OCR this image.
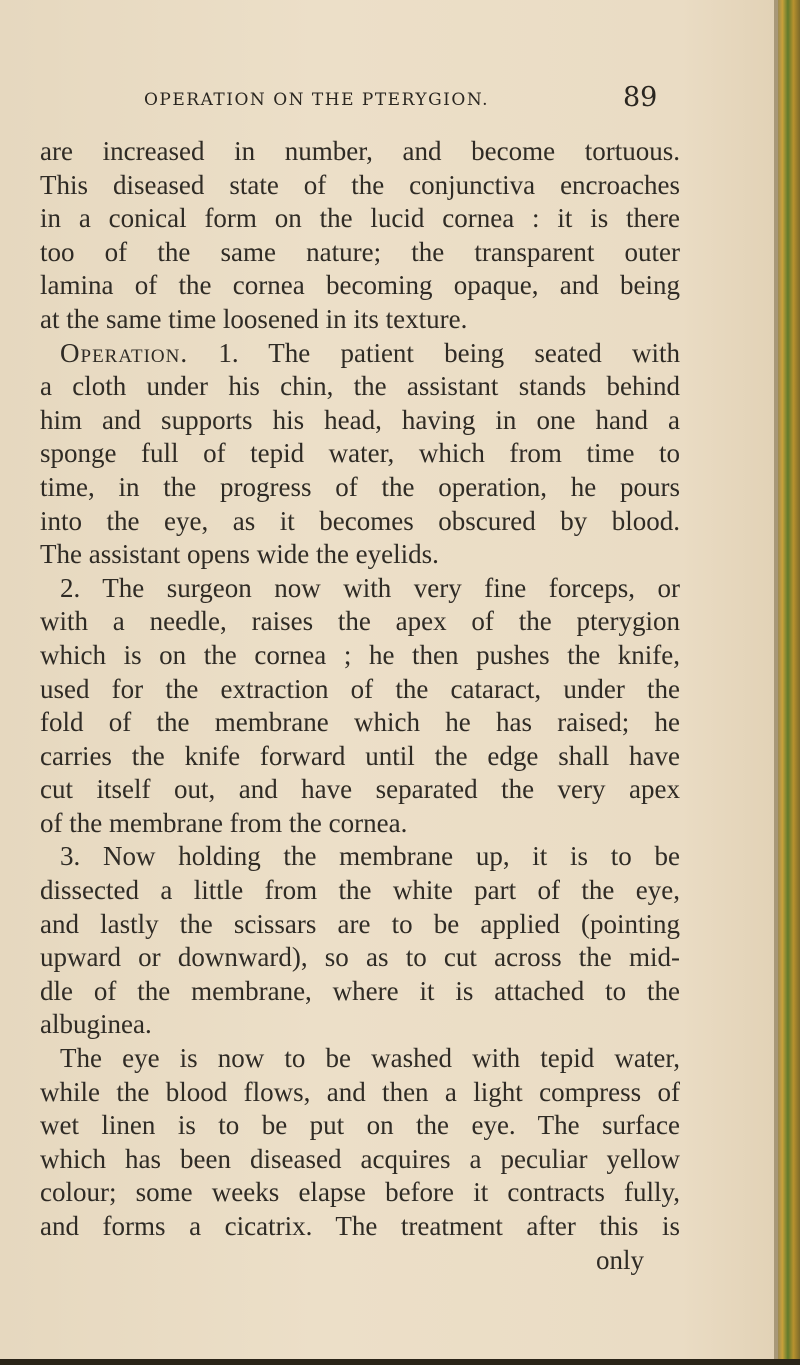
OPERATION ON THE PTERYGION.	89
are increased in number, and become tortuous.
This diseased state of the conjunctiva encroaches
in a conical form on the lucid cornea : it is there
too of the same nature; the transparent outer
lamina of the cornea becoming opaque, and being
at the same time loosened in its texture.
Operation. 1. The patient being seated with
a cloth under his chin, the assistant stands behind
him and supports his head, having in one hand a
sponge full of tepid water, which from time to
time, in the progress of the operation, he pours
into the eye, as it becomes obscured by blood.
The assistant opens wide the eyelids.
2. The surgeon now with very fine forceps, or
with a needle, raises the apex of the pterygion
which is on the cornea ; he then pushes the knife,
used for the extraction of the cataract, under the
fold of the membrane which he has raised; he
carries the knife forward until the edge shall have
cut itself out, and have separated the very apex
of the membrane from the cornea.
3. Now holding the membrane up, it is to be
dissected a little from the white part of the eye,
and lastly the scissars are to be applied (pointing
upward or downward), so as to cut across the mid-
dle of the membrane, where it is attached to the
albuginea.
The eye is now to be washed with tepid water,
while the blood flows, and then a light compress of
wet linen is to be put on the eye. The surface
which has been diseased acquires a peculiar yellow
colour; some weeks elapse before it contracts fully,
and forms a cicatrix. The treatment after this is
only
